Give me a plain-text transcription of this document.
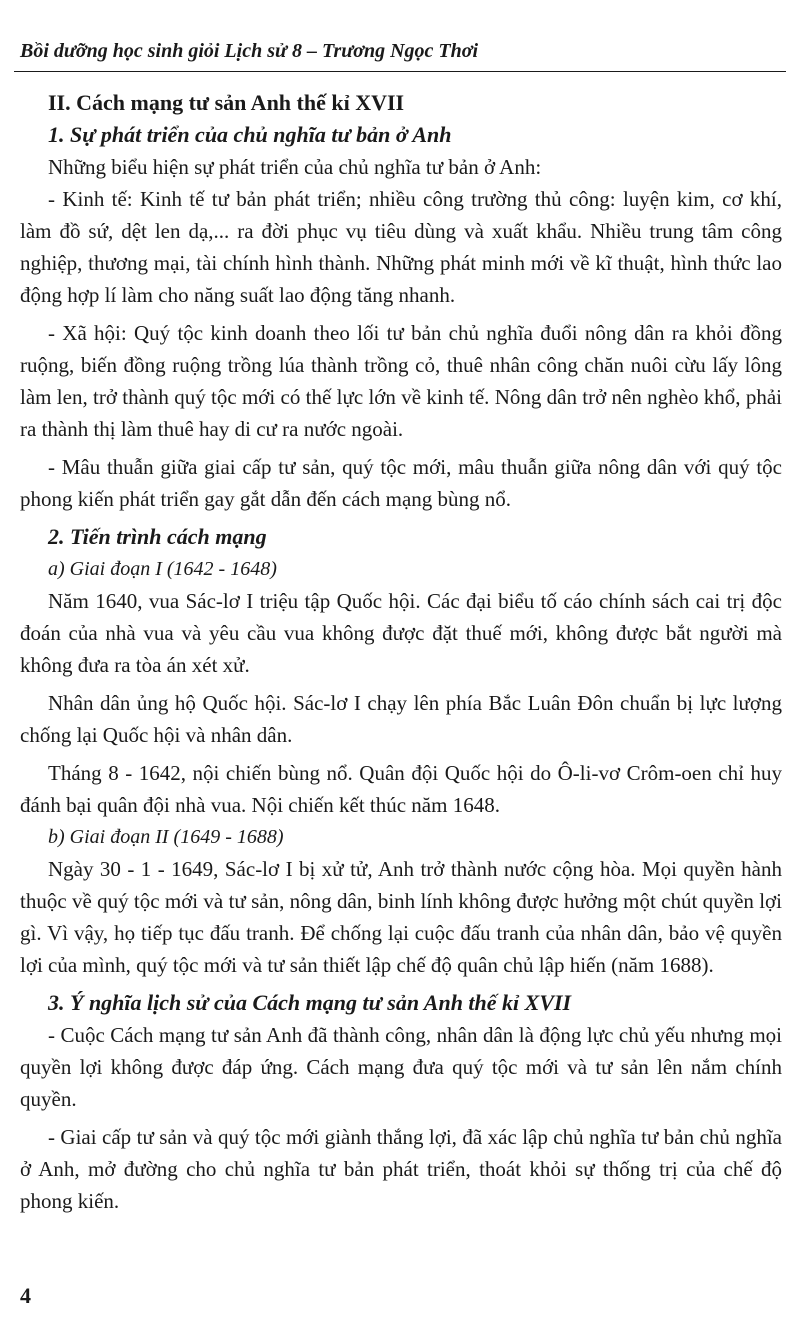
Bồi dưỡng học sinh giỏi Lịch sử 8 – Trương Ngọc Thơi

II. Cách mạng tư sản Anh thế kỉ XVII

1. Sự phát triển của chủ nghĩa tư bản ở Anh

Những biểu hiện sự phát triển của chủ nghĩa tư bản ở Anh:

- Kinh tế: Kinh tế tư bản phát triển; nhiều công trường thủ công: luyện kim, cơ khí, làm đồ sứ, dệt len dạ,... ra đời phục vụ tiêu dùng và xuất khẩu. Nhiều trung tâm công nghiệp, thương mại, tài chính hình thành. Những phát minh mới về kĩ thuật, hình thức lao động hợp lí làm cho năng suất lao động tăng nhanh.

- Xã hội: Quý tộc kinh doanh theo lối tư bản chủ nghĩa đuổi nông dân ra khỏi đồng ruộng, biến đồng ruộng trồng lúa thành trồng cỏ, thuê nhân công chăn nuôi cừu lấy lông làm len, trở thành quý tộc mới có thế lực lớn về kinh tế. Nông dân trở nên nghèo khổ, phải ra thành thị làm thuê hay di cư ra nước ngoài.

- Mâu thuẫn giữa giai cấp tư sản, quý tộc mới, mâu thuẫn giữa nông dân với quý tộc phong kiến phát triển gay gắt dẫn đến cách mạng bùng nổ.

2. Tiến trình cách mạng

a) Giai đoạn I (1642 - 1648)

Năm 1640, vua Sác-lơ I triệu tập Quốc hội. Các đại biểu tố cáo chính sách cai trị độc đoán của nhà vua và yêu cầu vua không được đặt thuế mới, không được bắt người mà không đưa ra tòa án xét xử.

Nhân dân ủng hộ Quốc hội. Sác-lơ I chạy lên phía Bắc Luân Đôn chuẩn bị lực lượng chống lại Quốc hội và nhân dân.

Tháng 8 - 1642, nội chiến bùng nổ. Quân đội Quốc hội do Ô-li-vơ Crôm-oen chỉ huy đánh bại quân đội nhà vua. Nội chiến kết thúc năm 1648.

b) Giai đoạn II (1649 - 1688)

Ngày 30 - 1 - 1649, Sác-lơ I bị xử tử, Anh trở thành nước cộng hòa. Mọi quyền hành thuộc về quý tộc mới và tư sản, nông dân, binh lính không được hưởng một chút quyền lợi gì. Vì vậy, họ tiếp tục đấu tranh. Để chống lại cuộc đấu tranh của nhân dân, bảo vệ quyền lợi của mình, quý tộc mới và tư sản thiết lập chế độ quân chủ lập hiến (năm 1688).

3. Ý nghĩa lịch sử của Cách mạng tư sản Anh thế kỉ XVII

- Cuộc Cách mạng tư sản Anh đã thành công, nhân dân là động lực chủ yếu nhưng mọi quyền lợi không được đáp ứng. Cách mạng đưa quý tộc mới và tư sản lên nắm chính quyền.

- Giai cấp tư sản và quý tộc mới giành thắng lợi, đã xác lập chủ nghĩa tư bản chủ nghĩa ở Anh, mở đường cho chủ nghĩa tư bản phát triển, thoát khỏi sự thống trị của chế độ phong kiến.

4
